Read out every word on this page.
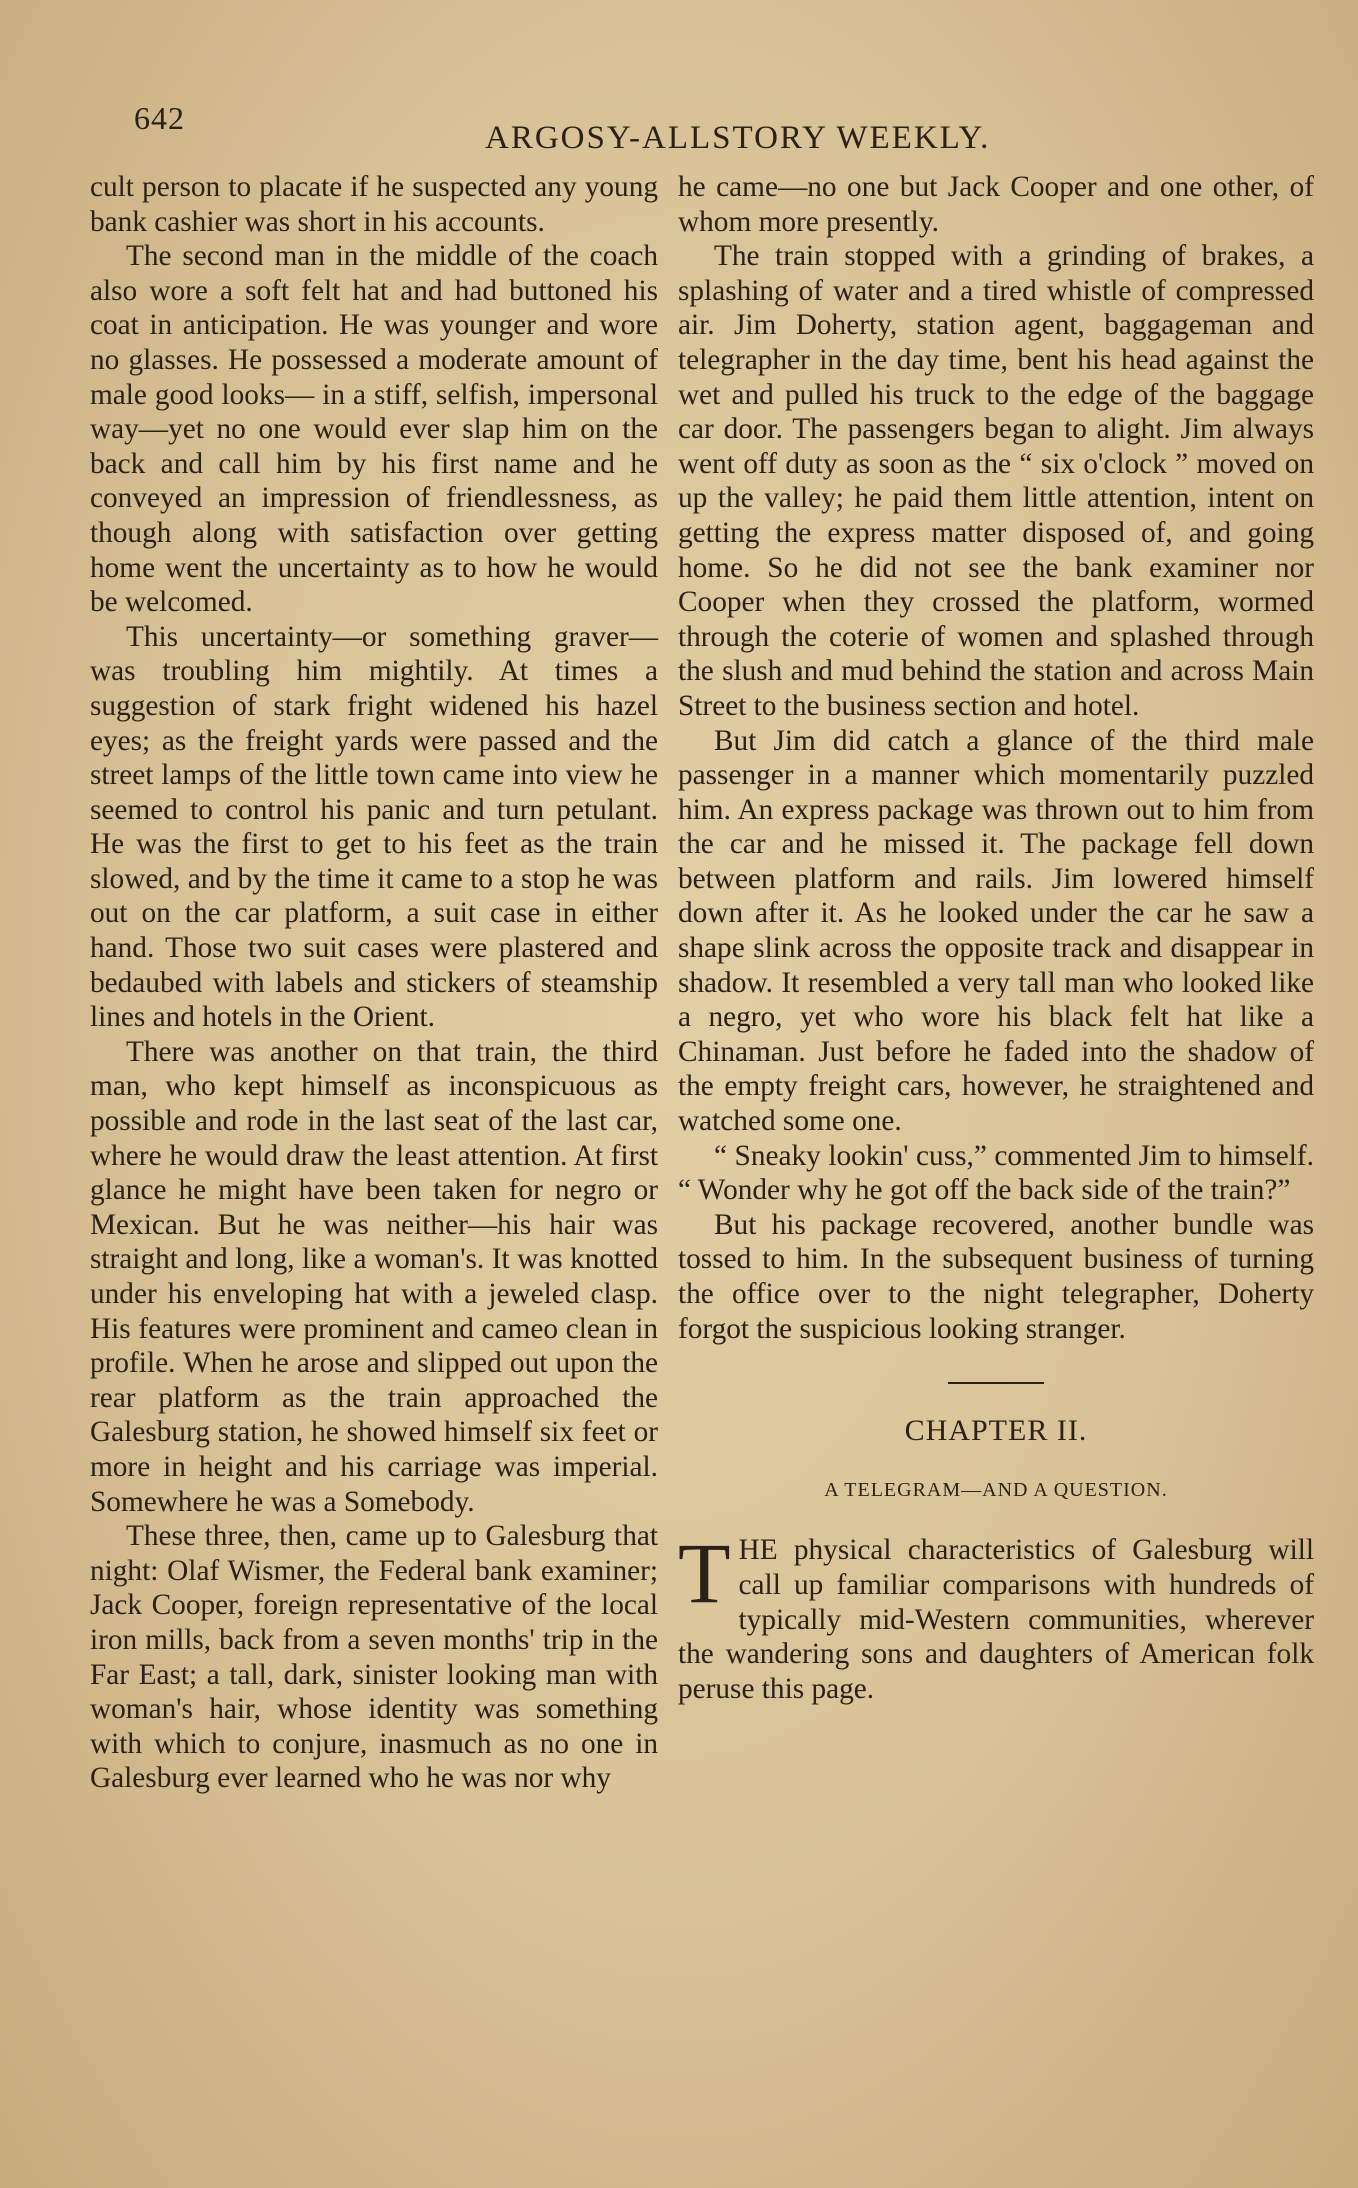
642
ARGOSY-ALLSTORY WEEKLY.

cult person to placate if he suspected any young bank cashier was short in his accounts.

The second man in the middle of the coach also wore a soft felt hat and had buttoned his coat in anticipation. He was younger and wore no glasses. He possessed a moderate amount of male good looks— in a stiff, selfish, impersonal way—yet no one would ever slap him on the back and call him by his first name and he conveyed an impression of friendlessness, as though along with satisfaction over getting home went the uncertainty as to how he would be welcomed.

This uncertainty—or something graver— was troubling him mightily. At times a suggestion of stark fright widened his hazel eyes; as the freight yards were passed and the street lamps of the little town came into view he seemed to control his panic and turn petulant. He was the first to get to his feet as the train slowed, and by the time it came to a stop he was out on the car platform, a suit case in either hand. Those two suit cases were plastered and bedaubed with labels and stickers of steamship lines and hotels in the Orient.

There was another on that train, the third man, who kept himself as inconspicuous as possible and rode in the last seat of the last car, where he would draw the least attention. At first glance he might have been taken for negro or Mexican. But he was neither—his hair was straight and long, like a woman's. It was knotted under his enveloping hat with a jeweled clasp. His features were prominent and cameo clean in profile. When he arose and slipped out upon the rear platform as the train approached the Galesburg station, he showed himself six feet or more in height and his carriage was imperial. Somewhere he was a Somebody.

These three, then, came up to Galesburg that night: Olaf Wismer, the Federal bank examiner; Jack Cooper, foreign representative of the local iron mills, back from a seven months' trip in the Far East; a tall, dark, sinister looking man with woman's hair, whose identity was something with which to conjure, inasmuch as no one in Galesburg ever learned who he was nor why

he came—no one but Jack Cooper and one other, of whom more presently.

The train stopped with a grinding of brakes, a splashing of water and a tired whistle of compressed air. Jim Doherty, station agent, baggageman and telegrapher in the day time, bent his head against the wet and pulled his truck to the edge of the baggage car door. The passengers began to alight. Jim always went off duty as soon as the “ six o'clock ” moved on up the valley; he paid them little attention, intent on getting the express matter disposed of, and going home. So he did not see the bank examiner nor Cooper when they crossed the platform, wormed through the coterie of women and splashed through the slush and mud behind the station and across Main Street to the business section and hotel.

But Jim did catch a glance of the third male passenger in a manner which momentarily puzzled him. An express package was thrown out to him from the car and he missed it. The package fell down between platform and rails. Jim lowered himself down after it. As he looked under the car he saw a shape slink across the opposite track and disappear in shadow. It resembled a very tall man who looked like a negro, yet who wore his black felt hat like a Chinaman. Just before he faded into the shadow of the empty freight cars, however, he straightened and watched some one.

“ Sneaky lookin' cuss,” commented Jim to himself. “ Wonder why he got off the back side of the train?”

But his package recovered, another bundle was tossed to him. In the subsequent business of turning the office over to the night telegrapher, Doherty forgot the suspicious looking stranger.

CHAPTER II.
A TELEGRAM—AND A QUESTION.

THE physical characteristics of Galesburg will call up familiar comparisons with hundreds of typically mid-Western communities, wherever the wandering sons and daughters of American folk peruse this page.
